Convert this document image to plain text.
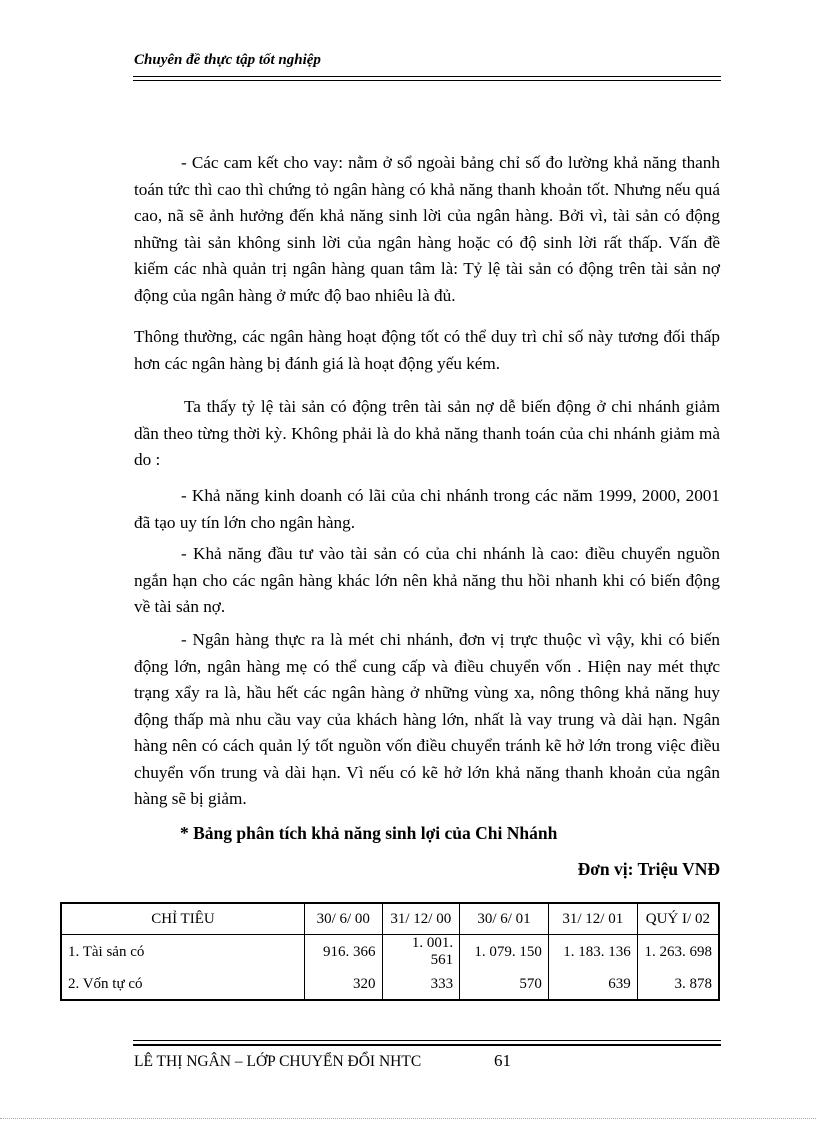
Chuyên đề thực tập tốt nghiệp

- Các cam kết cho vay: nằm ở sổ ngoài bảng chỉ số đo lường khả năng thanh toán tức thì cao thì chứng tỏ ngân hàng có khả năng thanh khoản tốt. Nhưng nếu quá cao, nã sẽ ảnh hưởng đến khả năng sinh lời của ngân hàng. Bởi vì, tài sản có động những tài sản không sinh lời của ngân hàng hoặc có độ sinh lời rất thấp. Vấn đề kiếm các nhà quản trị ngân hàng quan tâm là: Tỷ lệ tài sản có động trên tài sản nợ động của ngân hàng ở mức độ bao nhiêu là đủ.

Thông thường, các ngân hàng hoạt động tốt có thể duy trì chỉ số này tương đối thấp hơn các ngân hàng bị đánh giá là hoạt động yếu kém.

Ta thấy tỷ lệ tài sản có động trên tài sản nợ dễ biến động ở chi nhánh giảm dần theo từng thời kỳ. Không phải là do khả năng thanh toán của chi nhánh giảm mà do :

- Khả năng kinh doanh có lãi của chi nhánh trong các năm 1999, 2000, 2001 đã tạo uy tín lớn cho ngân hàng.

- Khả năng đầu tư vào tài sản có của chi nhánh là cao: điều chuyển nguồn ngắn hạn cho các ngân hàng khác lớn nên khả năng thu hồi nhanh khi có biến động về tài sản nợ.

- Ngân hàng thực ra là mét chi nhánh, đơn vị trực thuộc vì vậy, khi có biến động lớn, ngân hàng mẹ có thể cung cấp và điều chuyển vốn . Hiện nay mét thực trạng xẩy ra là, hầu hết các ngân hàng ở những vùng xa, nông thông khả năng huy động thấp mà nhu cầu vay của khách hàng lớn, nhất là vay trung và dài hạn. Ngân hàng nên có cách quản lý tốt nguồn vốn điều chuyển tránh kẽ hở lớn trong việc điều chuyển vốn trung và dài hạn. Vì nếu có kẽ hở lớn khả năng thanh khoản của ngân hàng sẽ bị giảm.

* Bảng phân tích khả năng sinh lợi của Chi Nhánh

Đơn vị: Triệu VNĐ

CHỈ TIÊU	30/ 6/ 00	31/ 12/ 00	30/ 6/ 01	31/ 12/ 01	QUÝ I/ 02
1. Tài sản có	916. 366	1. 001. 561	1. 079. 150	1. 183. 136	1. 263. 698
2. Vốn tự có	320	333	570	639	3. 878
LÊ THỊ NGÂN – LỚP CHUYỂN ĐỔI NHTC	61
